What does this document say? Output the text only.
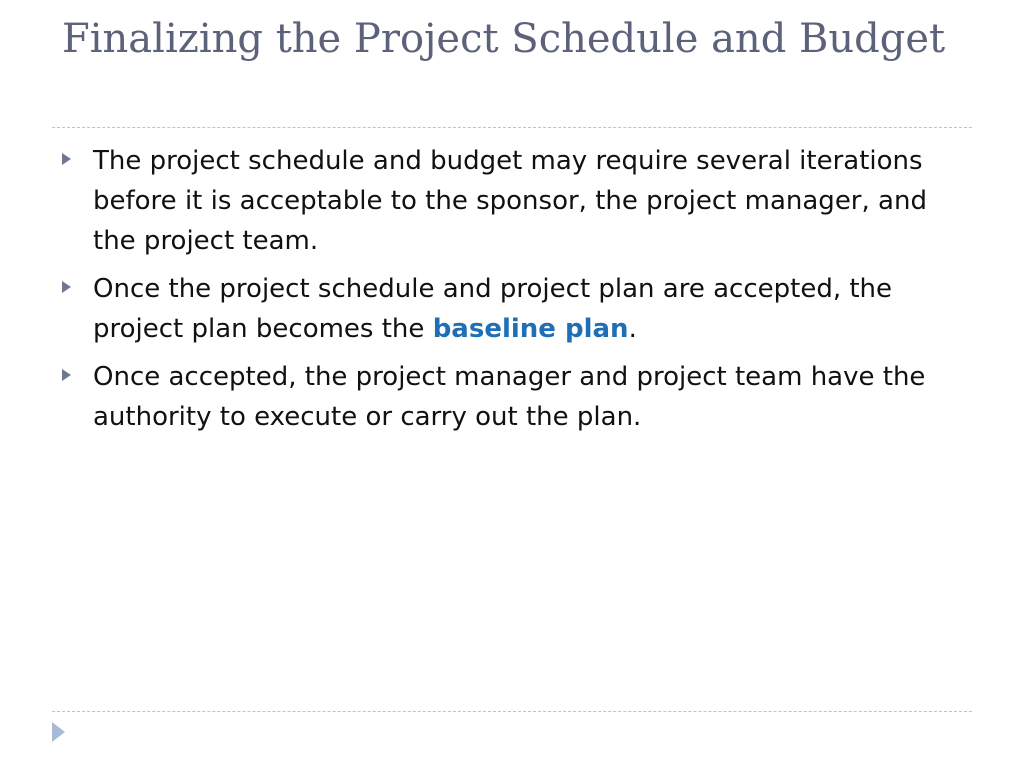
Finalizing the Project Schedule and Budget
The project schedule and budget may require several iterations before it is acceptable to the sponsor, the project manager, and the project team.
Once the project schedule and project plan are accepted, the project plan becomes the baseline plan.
Once accepted, the project manager and project team have the authority to execute or carry out the plan.
